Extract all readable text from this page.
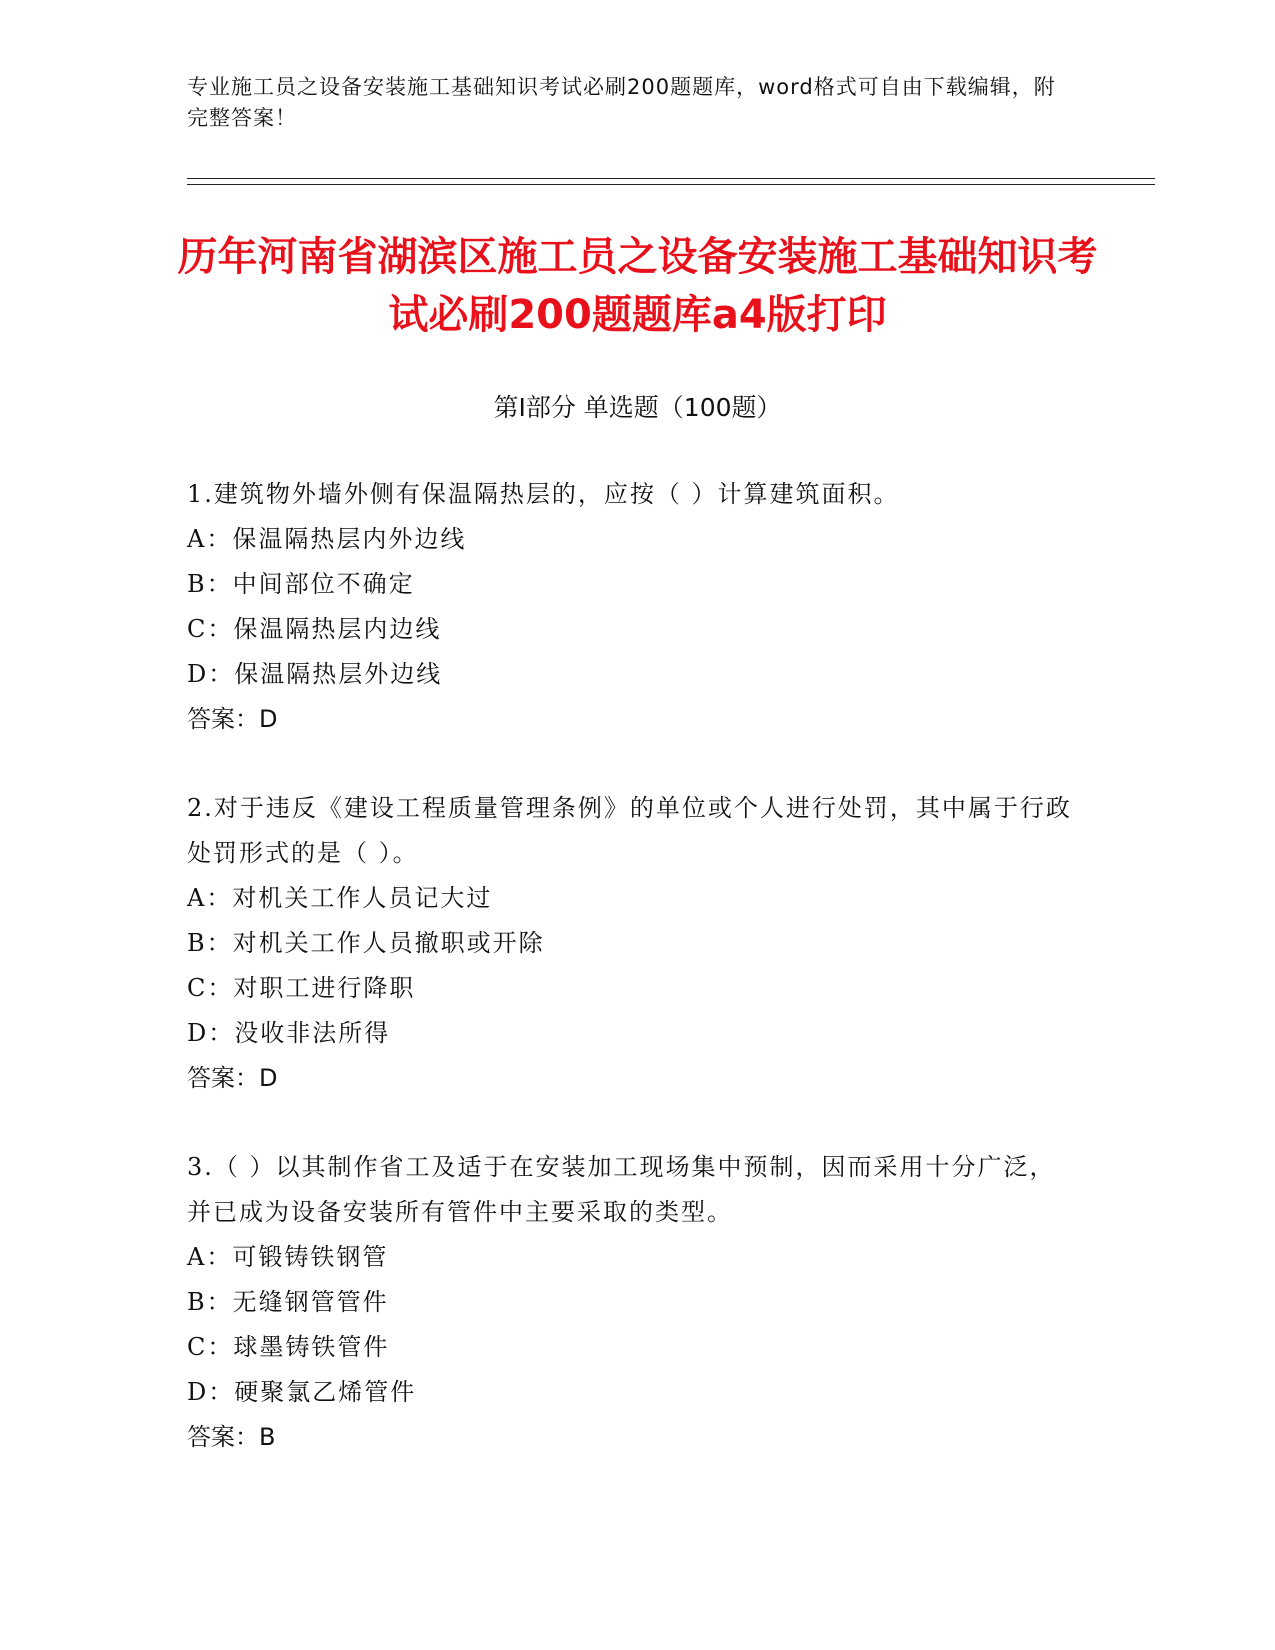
专业施工员之设备安装施工基础知识考试必刷200题题库，word格式可自由下载编辑，附完整答案！
历年河南省湖滨区施工员之设备安装施工基础知识考试必刷200题题库a4版打印
第Ⅰ部分 单选题（100题）
1.建筑物外墙外侧有保温隔热层的，应按（ ）计算建筑面积。
A：保温隔热层内外边线
B：中间部位不确定
C：保温隔热层内边线
D：保温隔热层外边线
答案：D
2.对于违反《建设工程质量管理条例》的单位或个人进行处罚，其中属于行政处罚形式的是（ ）。
A：对机关工作人员记大过
B：对机关工作人员撤职或开除
C：对职工进行降职
D：没收非法所得
答案：D
3.（ ）以其制作省工及适于在安装加工现场集中预制，因而采用十分广泛，并已成为设备安装所有管件中主要采取的类型。
A：可锻铸铁钢管
B：无缝钢管管件
C：球墨铸铁管件
D：硬聚氯乙烯管件
答案：B
